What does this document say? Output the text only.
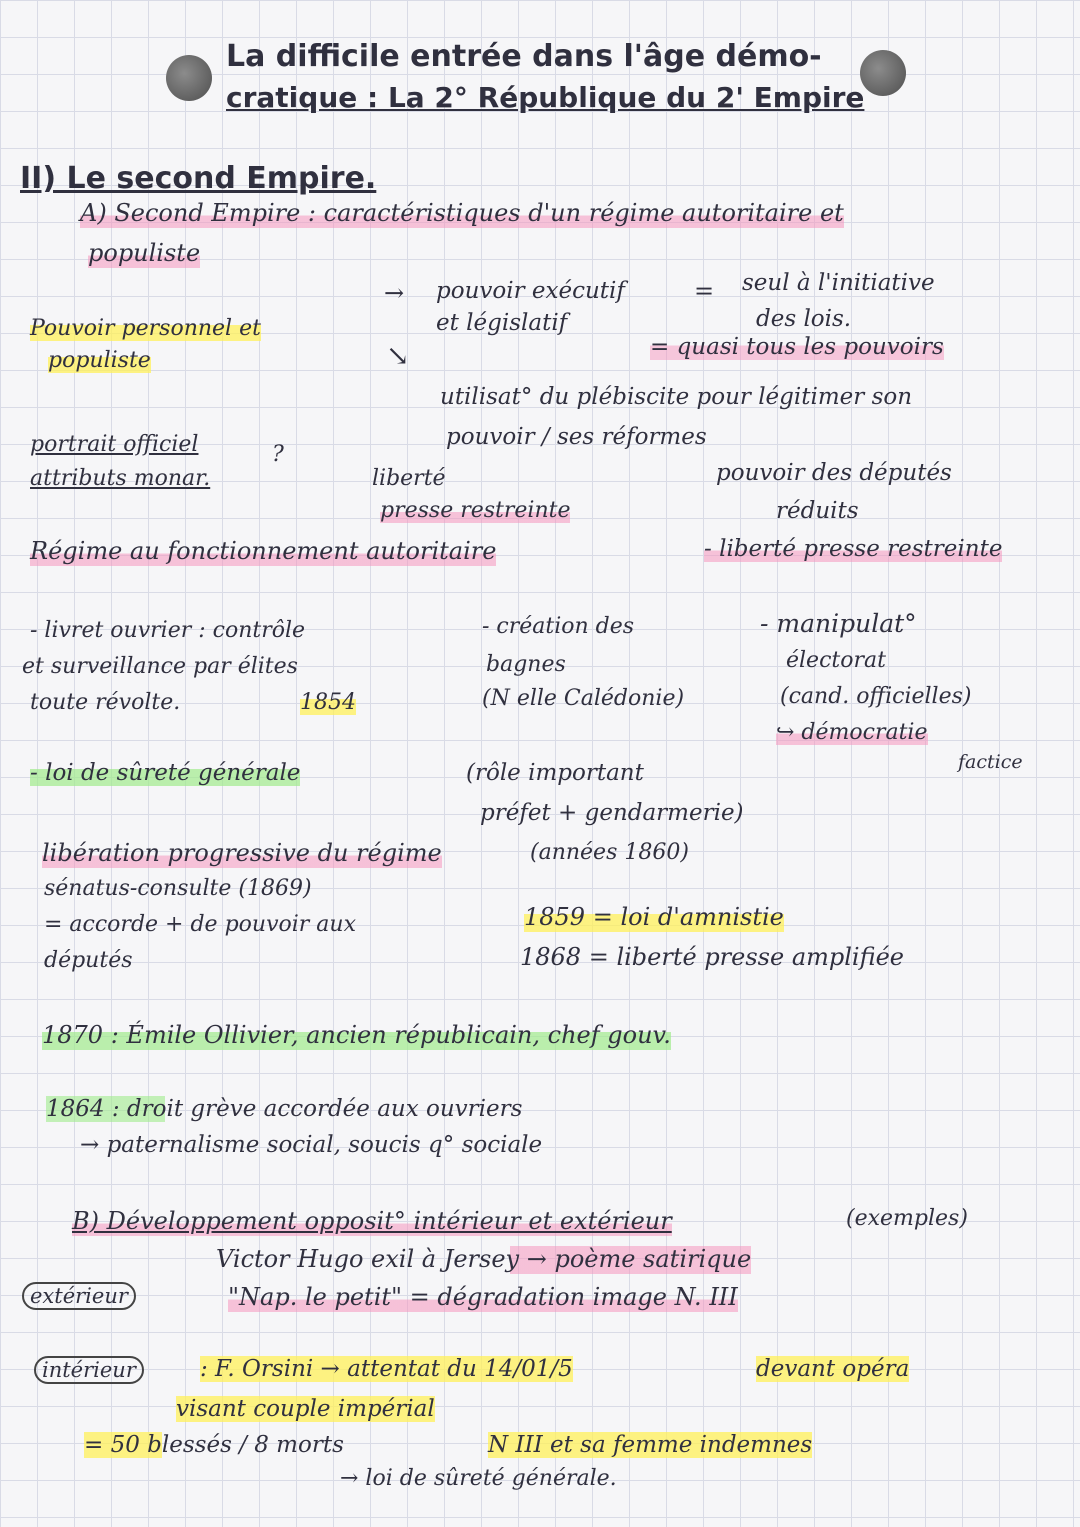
La difficile entrée dans l'âge démo-
cratique : La 2° République du 2' Empire
II) Le second Empire.
A) Second Empire : caractéristiques d'un régime autoritaire et
populiste
Pouvoir personnel et
populiste
→
↘
pouvoir exécutif
et législatif
= seul à l'initiative
des lois.
= quasi tous les pouvoirs
utilisat° du plébiscite pour légitimer son
pouvoir / ses réformes
portrait officiel	?
attributs monar.	liberté
presse restreinte
pouvoir des députés
réduits
Régime au fonctionnement autoritaire	- liberté presse restreinte
- livret ouvrier : contrôle
et surveillance par élites
toute révolte.	1854
- création des
bagnes
(N elle Calédonie)
- manipulat°
électorat
(cand. officielles)
↪ démocratie
factice
- loi de sûreté générale	(rôle important
préfet + gendarmerie)
libération progressive du régime	(années 1860)
sénatus-consulte (1869)
= accorde + de pouvoir aux
députés
1859 = loi d'amnistie
1868 = liberté presse amplifiée
1870 : Émile Ollivier, ancien républicain, chef gouv.
1864 : droit grève accordée aux ouvriers
→ paternalisme social, soucis q° sociale
B) Développement opposit° intérieur et extérieur	(exemples)
Victor Hugo exil à Jersey → poème satirique
extérieur	"Nap. le petit" = dégradation image N. III
intérieur	: F. Orsini → attentat du 14/01/5	devant opéra
visant couple impérial
= 50 blessés / 8 morts	N III et sa femme indemnes
→ loi de sûreté générale.
